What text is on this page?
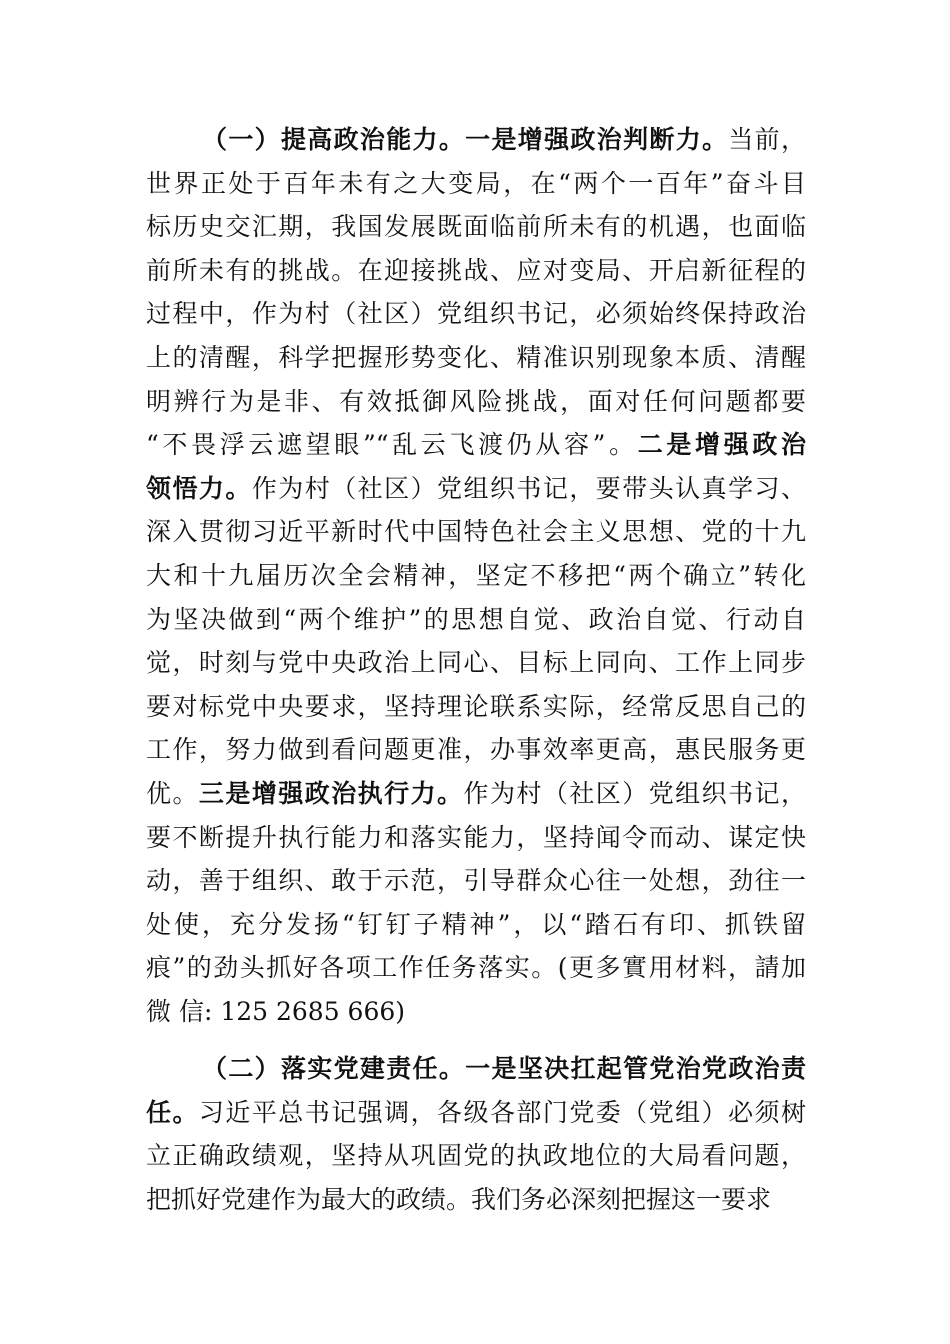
（一）提高政治能力。一是增强政治判断力。当前，
世界正处于百年未有之大变局，在“两个一百年”奋斗目
标历史交汇期，我国发展既面临前所未有的机遇，也面临
前所未有的挑战。在迎接挑战、应对变局、开启新征程的
过程中，作为村（社区）党组织书记，必须始终保持政治
上的清醒，科学把握形势变化、精准识别现象本质、清醒
明辨行为是非、有效抵御风险挑战，面对任何问题都要
“不畏浮云遮望眼”“乱云飞渡仍从容”。二是增强政治
领悟力。作为村（社区）党组织书记，要带头认真学习、
深入贯彻习近平新时代中国特色社会主义思想、党的十九
大和十九届历次全会精神，坚定不移把“两个确立”转化
为坚决做到“两个维护”的思想自觉、政治自觉、行动自
觉，时刻与党中央政治上同心、目标上同向、工作上同步
要对标党中央要求，坚持理论联系实际，经常反思自己的
工作，努力做到看问题更准，办事效率更高，惠民服务更
优。三是增强政治执行力。作为村（社区）党组织书记，
要不断提升执行能力和落实能力，坚持闻令而动、谋定快
动，善于组织、敢于示范，引导群众心往一处想，劲往一
处使，充分发扬“钉钉子精神”，以“踏石有印、抓铁留
痕”的劲头抓好各项工作任务落实。(更多實用材料，請加
微 信: 125 2685 666)
（二）落实党建责任。一是坚决扛起管党治党政治责
任。习近平总书记强调，各级各部门党委（党组）必须树
立正确政绩观，坚持从巩固党的执政地位的大局看问题，
把抓好党建作为最大的政绩。我们务必深刻把握这一要求
